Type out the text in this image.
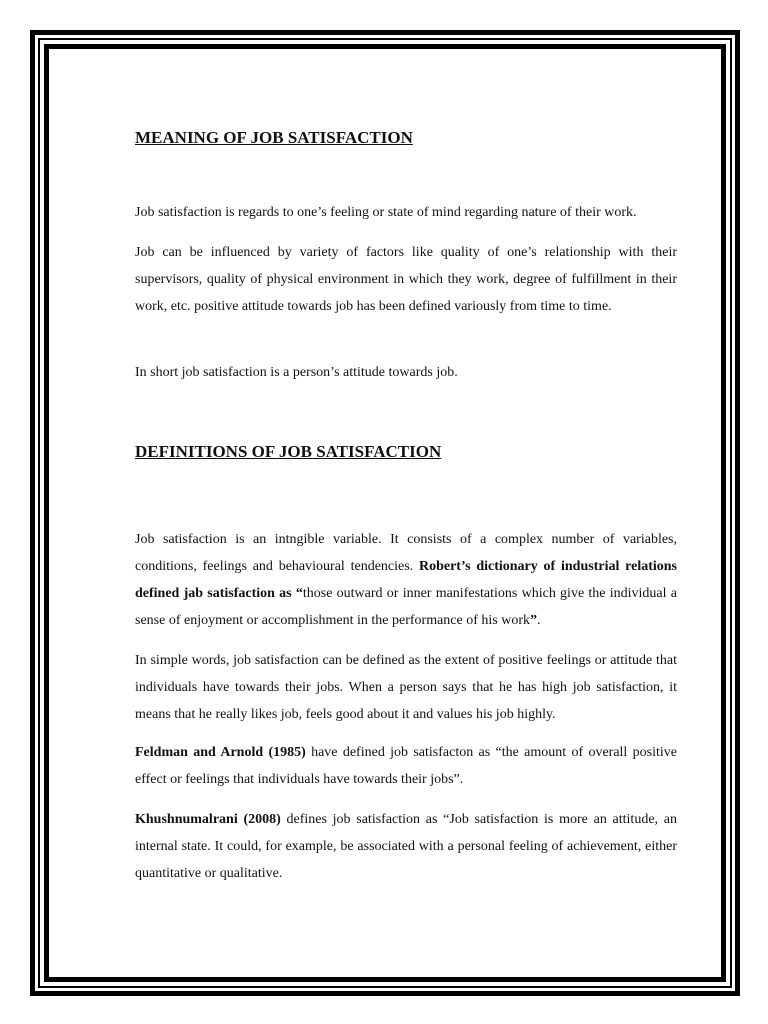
MEANING OF JOB SATISFACTION

Job satisfaction is regards to one’s feeling or state of mind regarding nature of their work.

Job can be influenced by variety of factors like quality of one’s relationship with their supervisors, quality of physical environment in which they work, degree of fulfillment in their work, etc. positive attitude towards job has been defined variously from time to time.

In short job satisfaction is a person’s attitude towards job.

DEFINITIONS OF JOB SATISFACTION

Job satisfaction is an intngible variable. It consists of a complex number of variables, conditions, feelings and behavioural tendencies. Robert’s dictionary of industrial relations defined jab satisfaction as “those outward or inner manifestations which give the individual a sense of enjoyment or accomplishment in the performance of his work”.

In simple words, job satisfaction can be defined as the extent of positive feelings or attitude that individuals have towards their jobs. When a person says that he has high job satisfaction, it means that he really likes job, feels good about it and values his job highly.

Feldman and Arnold (1985) have defined job satisfacton as “the amount of overall positive effect or feelings that individuals have towards their jobs”.

Khushnumalrani (2008) defines job satisfaction as “Job satisfaction is more an attitude, an internal state. It could, for example, be associated with a personal feeling of achievement, either quantitative or qualitative.
